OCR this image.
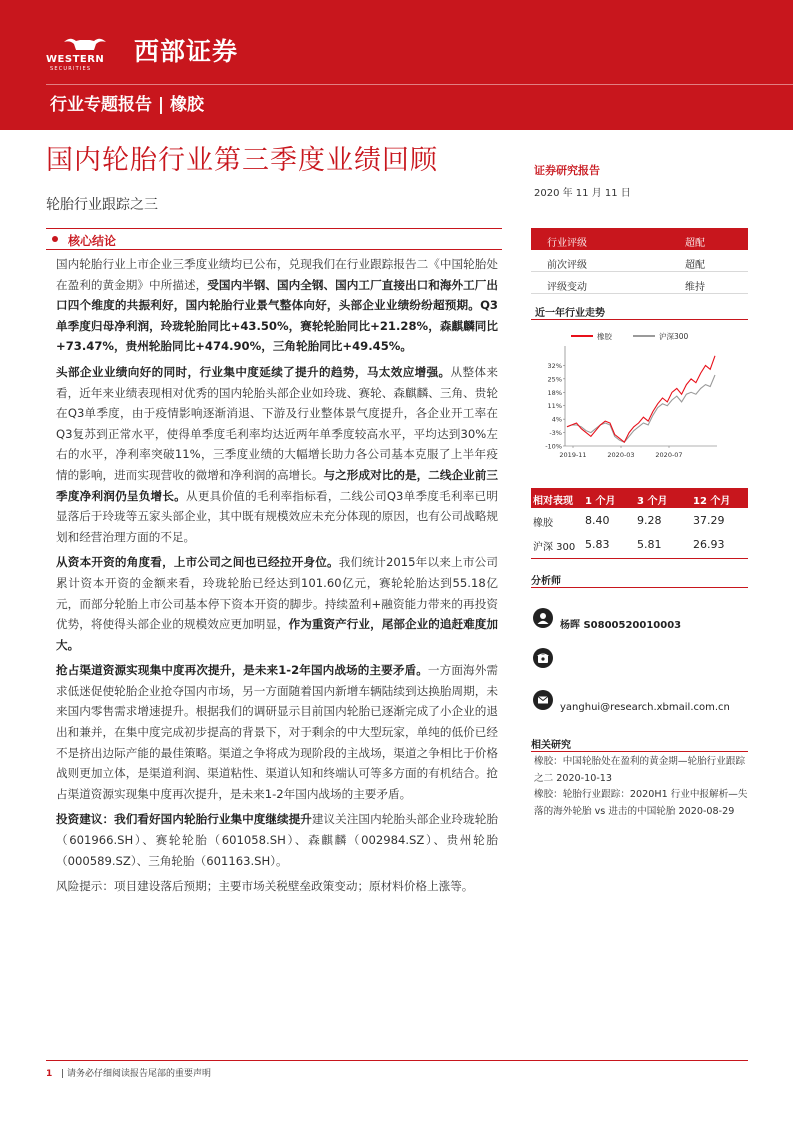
WESTERN
SECURITIES
西部证券
行业专题报告 | 橡胶
国内轮胎行业第三季度业绩回顾	证券研究报告
2020 年 11 月 11 日
轮胎行业跟踪之三
核心结论

国内轮胎行业上市企业三季度业绩均已公布，兑现我们在行业跟踪报告二《中国轮胎处在盈利的黄金期》中所描述，受国内半钢、国内全钢、国内工厂直接出口和海外工厂出口四个维度的共振利好，国内轮胎行业景气整体向好，头部企业业绩纷纷超预期。Q3单季度归母净利润，玲珑轮胎同比+43.50%，赛轮轮胎同比+21.28%，森麒麟同比+73.47%，贵州轮胎同比+474.90%，三角轮胎同比+49.45%。

头部企业业绩向好的同时，行业集中度延续了提升的趋势，马太效应增强。从整体来看，近年来业绩表现相对优秀的国内轮胎头部企业如玲珑、赛轮、森麒麟、三角、贵轮在Q3单季度，由于疫情影响逐渐消退、下游及行业整体景气度提升，各企业开工率在Q3复苏到正常水平，使得单季度毛利率均达近两年单季度较高水平，平均达到30%左右的水平，净利率突破11%，三季度业绩的大幅增长助力各公司基本克服了上半年疫情的影响，进而实现营收的微增和净利润的高增长。与之形成对比的是，二线企业前三季度净利润仍呈负增长。从更具价值的毛利率指标看，二线公司Q3单季度毛利率已明显落后于玲珑等五家头部企业，其中既有规模效应未充分体现的原因，也有公司战略规划和经营治理方面的不足。

从资本开资的角度看，上市公司之间也已经拉开身位。我们统计2015年以来上市公司累计资本开资的金额来看，玲珑轮胎已经达到101.60亿元，赛轮轮胎达到55.18亿元，而部分轮胎上市公司基本停下资本开资的脚步。持续盈利+融资能力带来的再投资优势，将使得头部企业的规模效应更加明显，作为重资产行业，尾部企业的追赶难度加大。

抢占渠道资源实现集中度再次提升，是未来1-2年国内战场的主要矛盾。一方面海外需求低迷促使轮胎企业抢夺国内市场，另一方面随着国内新增车辆陆续到达换胎周期，未来国内零售需求增速提升。根据我们的调研显示目前国内轮胎已逐渐完成了小企业的退出和兼并，在集中度完成初步提高的背景下，对于剩余的中大型玩家，单纯的低价已经不是挤出边际产能的最佳策略。渠道之争将成为现阶段的主战场，渠道之争相比于价格战则更加立体，是渠道利润、渠道粘性、渠道认知和终端认可等多方面的有机结合。抢占渠道资源实现集中度再次提升，是未来1-2年国内战场的主要矛盾。

投资建议：我们看好国内轮胎行业集中度继续提升建议关注国内轮胎头部企业玲珑轮胎（601966.SH）、赛轮轮胎（601058.SH）、森麒麟（002984.SZ）、贵州轮胎（000589.SZ）、三角轮胎（601163.SH）。

风险提示：项目建设落后预期；主要市场关税壁垒政策变动；原材料价格上涨等。

行业评级	超配
前次评级	超配
评级变动	维持
近一年行业走势
橡胶	沪深300
32%
25%
18%
11%
4%
-3%
-10%
2019-11	2020-03	2020-07
相对表现 1 个月 3 个月	12 个月
橡胶	8.40	9.28	37.29
沪深 300 5.83	5.81	26.93
分析师
杨晖 S0800520010003
yanghui@research.xbmail.com.cn
相关研究
橡胶：中国轮胎处在盈利的黄金期—轮胎行业跟踪之二 2020-10-13
橡胶：轮胎行业跟踪：2020H1 行业中报解析—失落的海外轮胎 vs 进击的中国轮胎 2020-08-29
1 | 请务必仔细阅读报告尾部的重要声明
